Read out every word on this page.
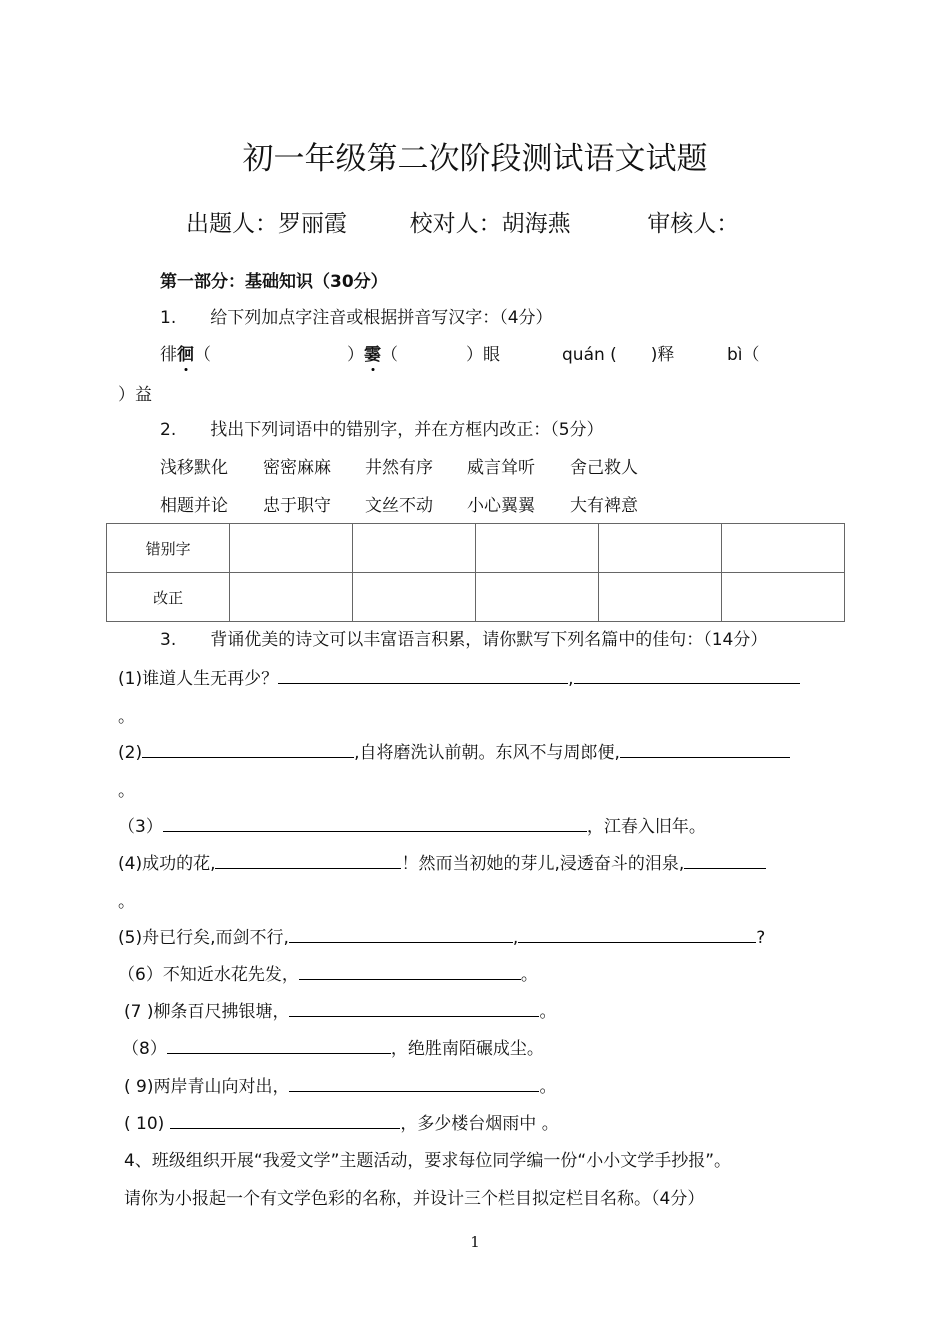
初一年级第二次阶段测试语文试题
出题人：罗丽霞	校对人：胡海燕	审核人：
第一部分：基础知识（30分）
1.　　给下列加点字注音或根据拼音写汉字：（4分）
徘徊（　　　　　　　　）霎（　　　　）眼	quán (　　)释	bì（
）益
2.　　找出下列词语中的错别字，并在方框内改正：（5分）
浅移默化 密密麻麻 井然有序 威言耸听 舍己救人
相题并论 忠于职守 文丝不动 小心翼翼 大有裨意
错别字					
改正					
3.　　背诵优美的诗文可以丰富语言积累，请你默写下列名篇中的佳句：（14分）
(1)谁道人生无再少？	,
。
(2)	,自将磨洗认前朝。东风不与周郎便,
。
（3）	，江春入旧年。
(4)成功的花,	！然而当初她的芽儿,浸透奋斗的泪泉,
。
(5)舟已行矣,而剑不行,	,	?
（6）不知近水花先发，	。
(7 )柳条百尺拂银塘，	。
（8）	，绝胜南陌碾成尘。
( 9)两岸青山向对出，	。
( 10)	，多少楼台烟雨中 。
4、班级组织开展“我爱文学”主题活动，要求每位同学编一份“小小文学手抄报”。
请你为小报起一个有文学色彩的名称，并设计三个栏目拟定栏目名称。（4分）
1
